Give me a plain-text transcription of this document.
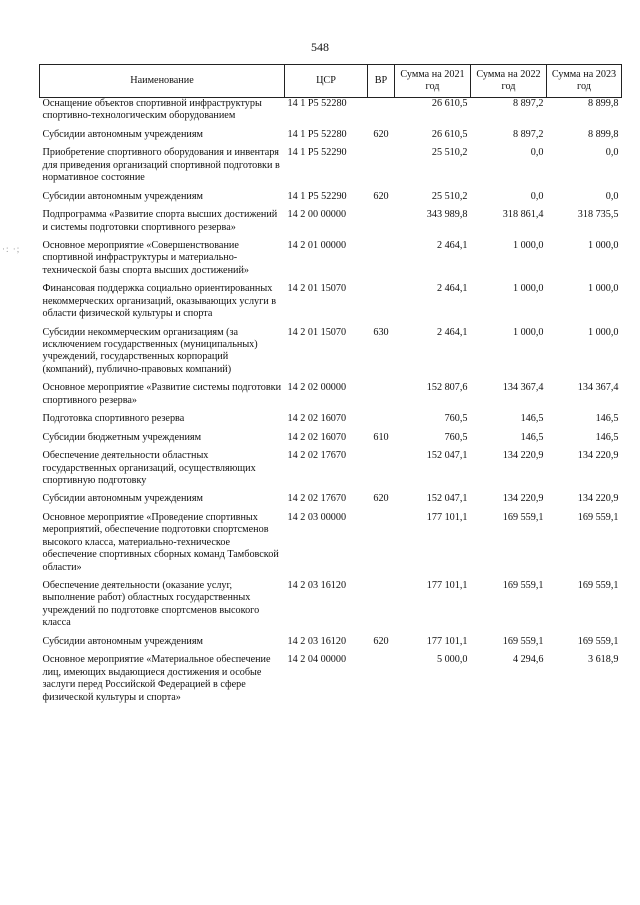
548
·: ·;
Наименование	ЦСР	ВР	Сумма на 2021 год	Сумма на 2022 год	Сумма на 2023 год
Оснащение объектов спортивной инфраструктуры спортивно-технологическим оборудованием	14 1 P5 52280		26 610,5	8 897,2	8 899,8
Субсидии автономным учреждениям	14 1 P5 52280	620	26 610,5	8 897,2	8 899,8
Приобретение спортивного оборудования и инвентаря для приведения организаций спортивной подготовки в нормативное состояние	14 1 P5 52290		25 510,2	0,0	0,0
Субсидии автономным учреждениям	14 1 P5 52290	620	25 510,2	0,0	0,0
Подпрограмма «Развитие спорта высших достижений и системы подготовки спортивного резерва»	14 2 00 00000		343 989,8	318 861,4	318 735,5
Основное мероприятие «Совершенствование спортивной инфраструктуры и материально-технической базы спорта высших достижений»	14 2 01 00000		2 464,1	1 000,0	1 000,0
Финансовая поддержка социально ориентированных некоммерческих организаций, оказывающих услуги в области физической культуры и спорта	14 2 01 15070		2 464,1	1 000,0	1 000,0
Субсидии некоммерческим организациям (за исключением государственных (муниципальных) учреждений, государственных корпораций (компаний), публично-правовых компаний)	14 2 01 15070	630	2 464,1	1 000,0	1 000,0
Основное мероприятие «Развитие системы подготовки спортивного резерва»	14 2 02 00000		152 807,6	134 367,4	134 367,4
Подготовка спортивного резерва	14 2 02 16070		760,5	146,5	146,5
Субсидии бюджетным учреждениям	14 2 02 16070	610	760,5	146,5	146,5
Обеспечение деятельности областных государственных организаций, осуществляющих спортивную подготовку	14 2 02 17670		152 047,1	134 220,9	134 220,9
Субсидии автономным учреждениям	14 2 02 17670	620	152 047,1	134 220,9	134 220,9
Основное мероприятие «Проведение спортивных мероприятий, обеспечение подготовки спортсменов высокого класса, материально-техническое обеспечение спортивных сборных команд Тамбовской области»	14 2 03 00000		177 101,1	169 559,1	169 559,1
Обеспечение деятельности (оказание услуг, выполнение работ) областных государственных учреждений по подготовке спортсменов высокого класса	14 2 03 16120		177 101,1	169 559,1	169 559,1
Субсидии автономным учреждениям	14 2 03 16120	620	177 101,1	169 559,1	169 559,1
Основное мероприятие «Материальное обеспечение лиц, имеющих выдающиеся достижения и особые заслуги перед Российской Федерацией в сфере физической культуры и спорта»	14 2 04 00000		5 000,0	4 294,6	3 618,9
